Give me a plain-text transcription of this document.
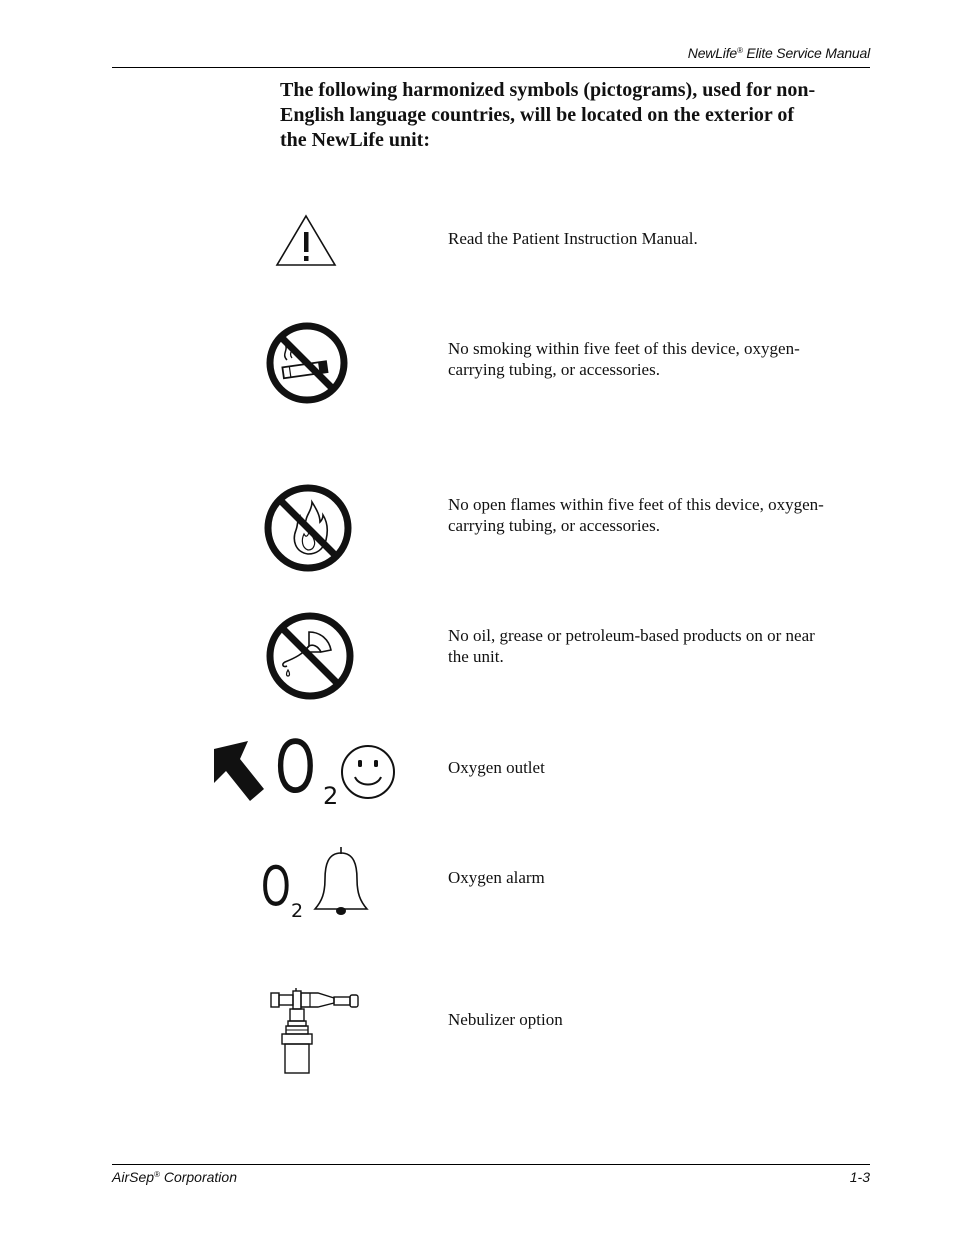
NewLife® Elite Service Manual
The following harmonized symbols (pictograms), used for non-
English language countries, will be located on the exterior of
the NewLife unit:
Read the Patient Instruction Manual.
No smoking within five feet of this device, oxygen-
carrying tubing, or accessories.
No open flames within five feet of this device, oxygen-
carrying tubing, or accessories.
No oil, grease or petroleum-based products on or near
the unit.
O 2
Oxygen outlet
O 2
Oxygen alarm
Nebulizer option
AirSep® Corporation	1-3
